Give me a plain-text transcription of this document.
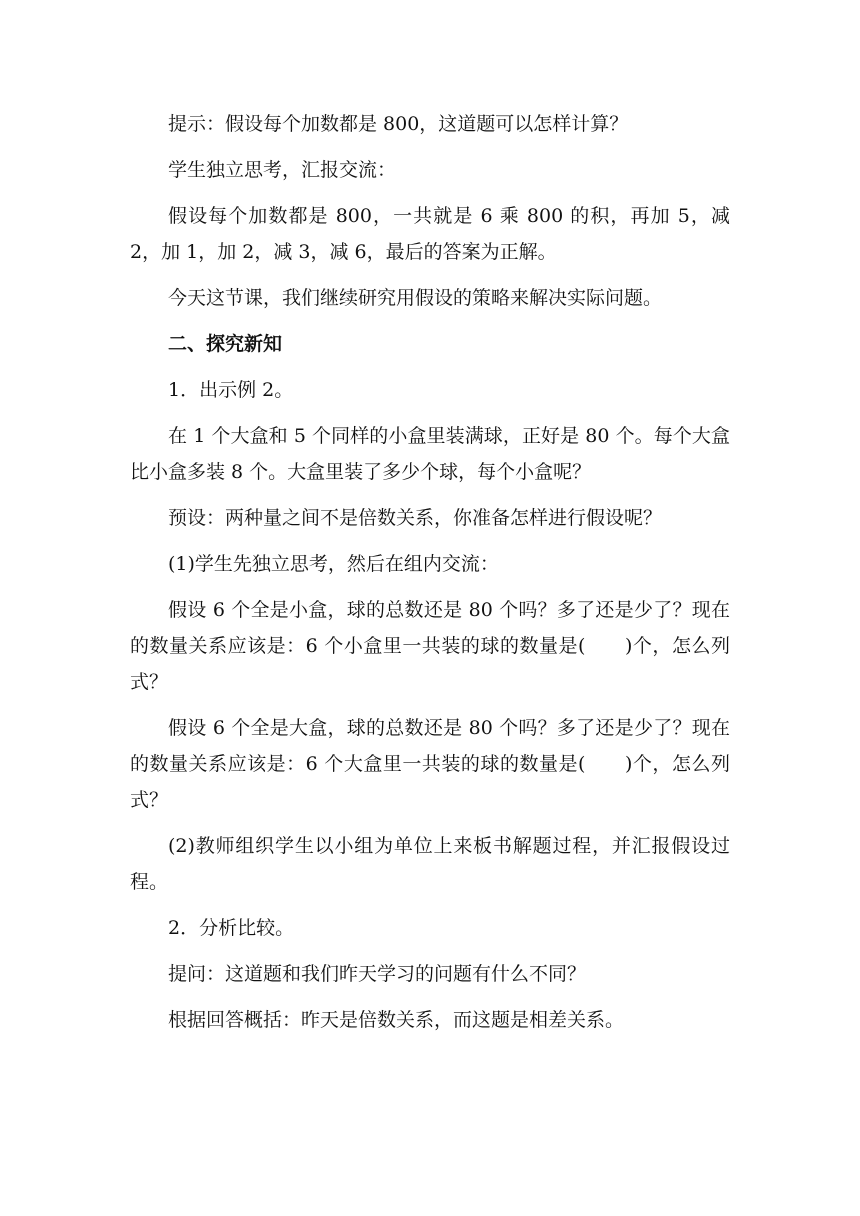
提示：假设每个加数都是 800，这道题可以怎样计算？

学生独立思考，汇报交流：

假设每个加数都是 800，一共就是 6 乘 800 的积，再加 5，减 2，加 1，加 2，减 3，减 6，最后的答案为正解。

今天这节课，我们继续研究用假设的策略来解决实际问题。

二、探究新知

1．出示例 2。

在 1 个大盒和 5 个同样的小盒里装满球，正好是 80 个。每个大盒比小盒多装 8 个。大盒里装了多少个球，每个小盒呢？

预设：两种量之间不是倍数关系，你准备怎样进行假设呢？

(1)学生先独立思考，然后在组内交流：

假设 6 个全是小盒，球的总数还是 80 个吗？多了还是少了？现在的数量关系应该是：6 个小盒里一共装的球的数量是(　　)个，怎么列式？

假设 6 个全是大盒，球的总数还是 80 个吗？多了还是少了？现在的数量关系应该是：6 个大盒里一共装的球的数量是(　　)个，怎么列式？

(2)教师组织学生以小组为单位上来板书解题过程，并汇报假设过程。

2．分析比较。

提问：这道题和我们昨天学习的问题有什么不同？

根据回答概括：昨天是倍数关系，而这题是相差关系。
